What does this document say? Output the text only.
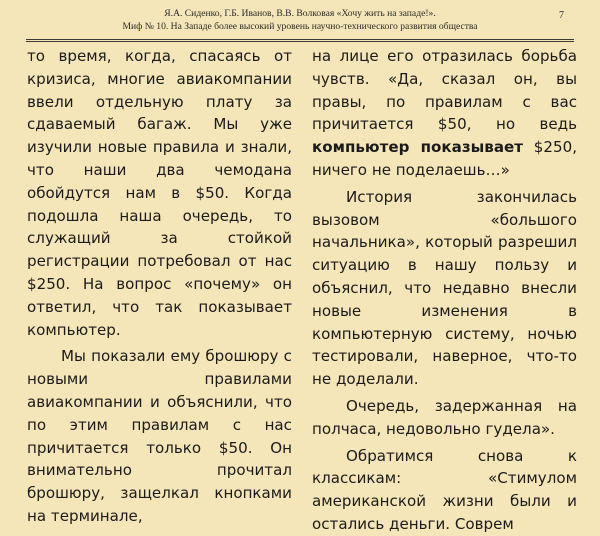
Я.А. Сиденко, Г.Б. Иванов, В.В. Волковая «Хочу жить на западе!».
Миф № 10. На Западе более высокий уровень научно-технического развития общества
7

то время, когда, спасаясь от кризиса, многие авиакомпании ввели отдельную плату за сдаваемый багаж. Мы уже изучили новые правила и знали, что наши два чемодана обойдутся нам в $50. Когда подошла наша очередь, то служащий за стойкой регистрации потребовал от нас $250. На вопрос «почему» он ответил, что так показывает компьютер.

Мы показали ему брошюру с новыми правилами авиакомпании и объяснили, что по этим правилам с нас причитается только $50. Он внимательно прочитал брошюру, защелкал кнопками на терминале,

на лице его отразилась борьба чувств. «Да, сказал он, вы правы, по правилам с вас причитается $50, но ведь компьютер показывает $250, ничего не поделаешь…»

История закончилась вызовом «большого начальника», который разрешил ситуацию в нашу пользу и объяснил, что недавно внесли новые изменения в компьютерную систему, ночью тестировали, наверное, что-то не доделали.

Очередь, задержанная на полчаса, недовольно гудела».

Обратимся снова к классикам: «Стимулом американской жизни были и остались деньги. Соврем
